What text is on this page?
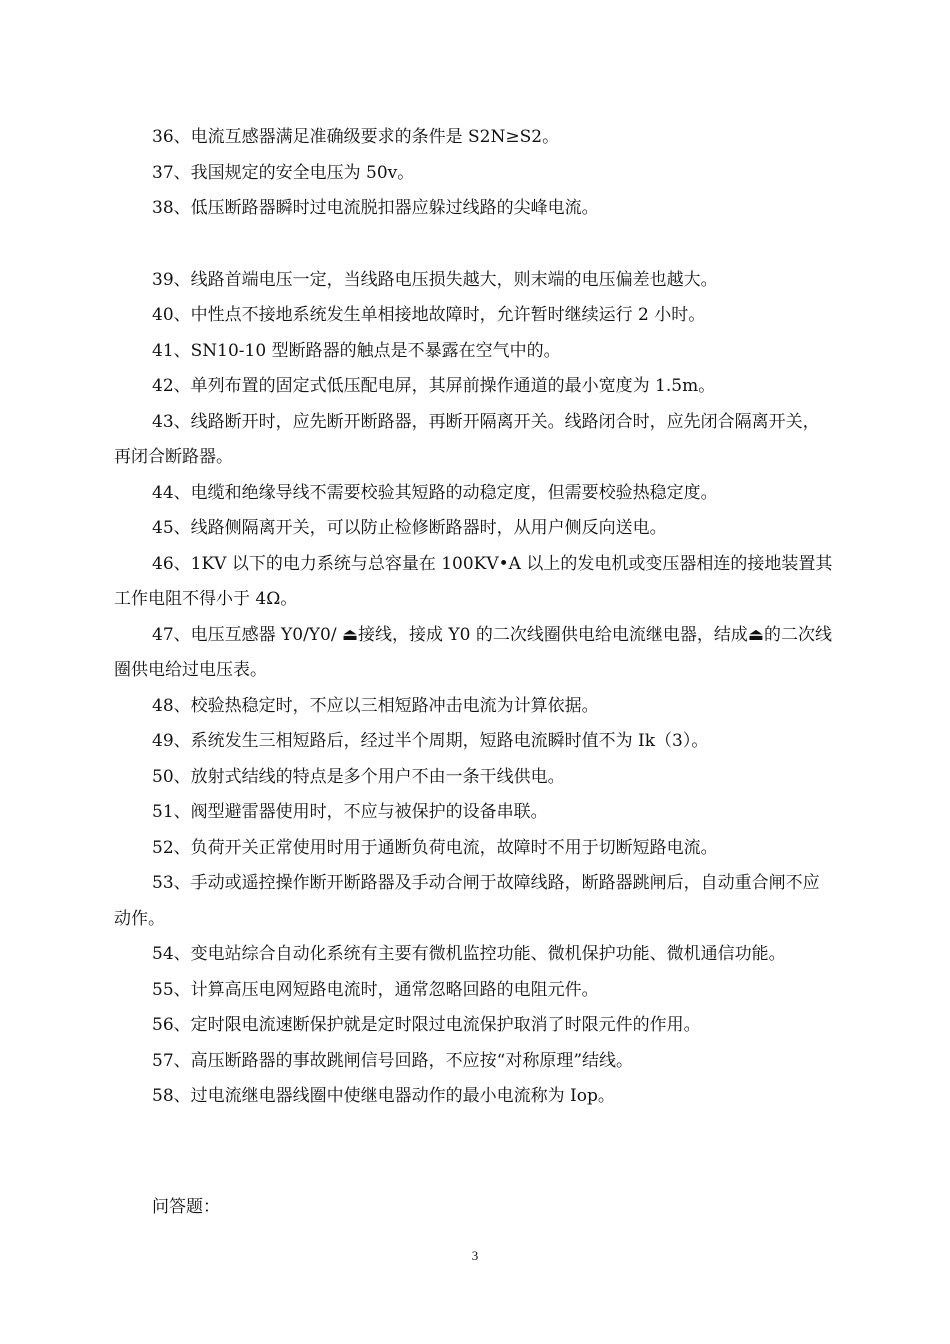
36、电流互感器满足准确级要求的条件是 S2N≥S2。

37、我国规定的安全电压为 50v。

38、低压断路器瞬时过电流脱扣器应躲过线路的尖峰电流。

39、线路首端电压一定，当线路电压损失越大，则末端的电压偏差也越大。

40、中性点不接地系统发生单相接地故障时，允许暂时继续运行 2 小时。

41、SN10-10 型断路器的触点是不暴露在空气中的。

42、单列布置的固定式低压配电屏，其屏前操作通道的最小宽度为 1.5m。

43、线路断开时，应先断开断路器，再断开隔离开关。线路闭合时，应先闭合隔离开关，再闭合断路器。

44、电缆和绝缘导线不需要校验其短路的动稳定度，但需要校验热稳定度。

45、线路侧隔离开关，可以防止检修断路器时，从用户侧反向送电。

46、1KV 以下的电力系统与总容量在 100KV•A 以上的发电机或变压器相连的接地装置其工作电阻不得小于 4Ω。

47、电压互感器 Y0/Y0/ ⏏接线，接成 Y0 的二次线圈供电给电流继电器，结成⏏的二次线圈供电给过电压表。

48、校验热稳定时，不应以三相短路冲击电流为计算依据。

49、系统发生三相短路后，经过半个周期，短路电流瞬时值不为 Ik（3）。

50、放射式结线的特点是多个用户不由一条干线供电。

51、阀型避雷器使用时，不应与被保护的设备串联。

52、负荷开关正常使用时用于通断负荷电流，故障时不用于切断短路电流。

53、手动或遥控操作断开断路器及手动合闸于故障线路，断路器跳闸后，自动重合闸不应动作。

54、变电站综合自动化系统有主要有微机监控功能、微机保护功能、微机通信功能。

55、计算高压电网短路电流时，通常忽略回路的电阻元件。

56、定时限电流速断保护就是定时限过电流保护取消了时限元件的作用。

57、高压断路器的事故跳闸信号回路，不应按“对称原理”结线。

58、过电流继电器线圈中使继电器动作的最小电流称为 Iop。

问答题：

3
